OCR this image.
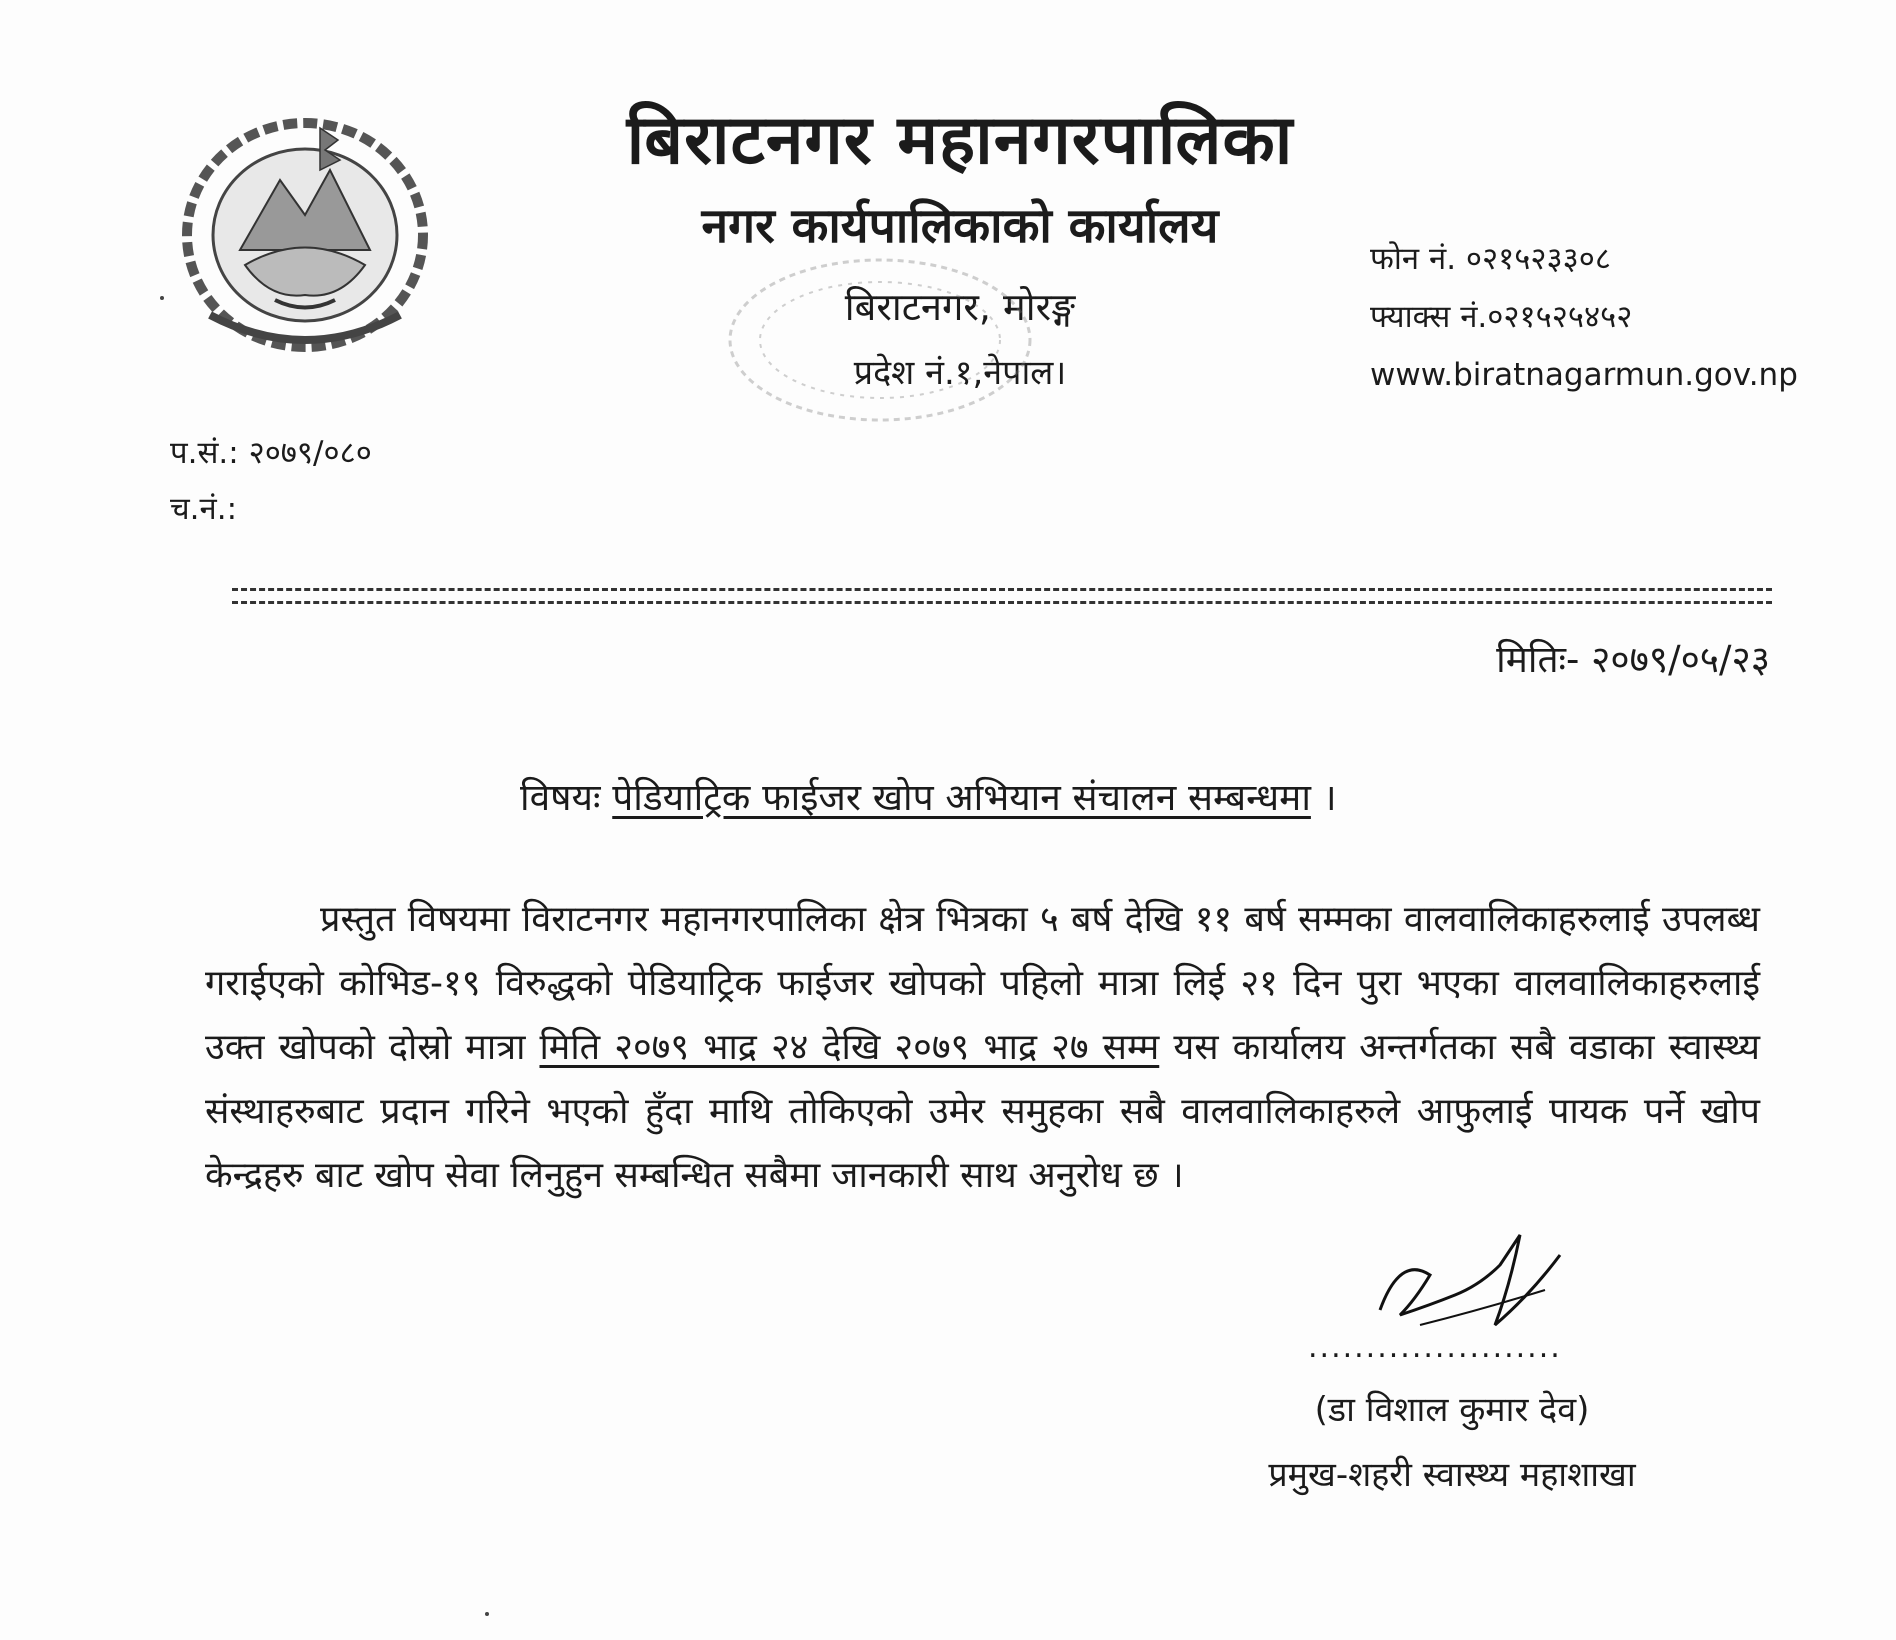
बिराटनगर महानगरपालिका
नगर कार्यपालिकाको कार्यालय
बिराटनगर, मोरङ्ग
प्रदेश नं.१,नेपाल।
फोन नं. ०२१५२३३०८
फ्याक्स नं.०२१५२५४५२
www.biratnagarmun.gov.np
प.सं.: २०७९/०८०
च.नं.:
मितिः- २०७९/०५/२३
विषयः पेडियाट्रिक फाईजर खोप अभियान संचालन सम्बन्धमा ।
प्रस्तुत विषयमा विराटनगर महानगरपालिका क्षेत्र भित्रका ५ बर्ष देखि ११ बर्ष सम्मका वालवालिकाहरुलाई उपलब्ध गराईएको कोभिड-१९ विरुद्धको पेडियाट्रिक फाईजर खोपको पहिलो मात्रा लिई २१ दिन पुरा भएका वालवालिकाहरुलाई उक्त खोपको दोस्रो मात्रा मिति २०७९ भाद्र २४ देखि २०७९ भाद्र २७ सम्म यस कार्यालय अन्तर्गतका सबै वडाका स्वास्थ्य संस्थाहरुबाट प्रदान गरिने भएको हुँदा माथि तोकिएको उमेर समुहका सबै वालवालिकाहरुले आफुलाई पायक पर्ने खोप केन्द्रहरु बाट खोप सेवा लिनुहुन सम्बन्धित सबैमा जानकारी साथ अनुरोध छ ।
......................
(डा विशाल कुमार देव)
प्रमुख-शहरी स्वास्थ्य महाशाखा
